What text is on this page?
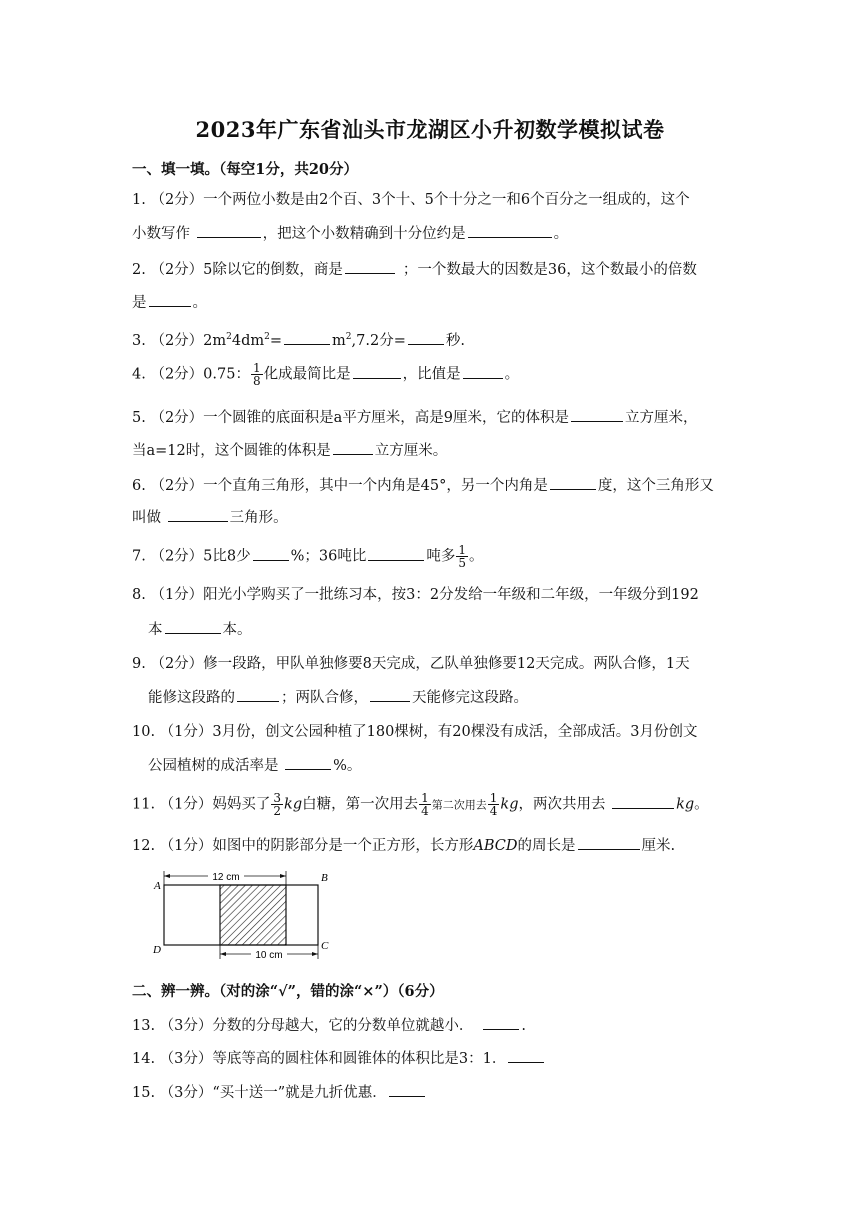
2023年广东省汕头市龙湖区小升初数学模拟试卷
一、填一填。（每空1分，共20分）
1. （2分）一个两位小数是由2个百、3个十、5个十分之一和6个百分之一组成的，这个
小数写作	，把这个小数精确到十分位约是	。
2. （2分）5除以它的倒数，商是	；一个数最大的因数是36，这个数最小的倍数
是	。
3. （2分）$2m^24dm^2=$	$m^2,7.2$分=	秒.
4. （2分）0.75： $\frac{1}{8}$ 化成最简比是	，比值是	。
5. （2分）一个圆锥的底面积是a平方厘米，高是9厘米，它的体积是	立方厘米，
当a=12时，这个圆锥的体积是	立方厘米。
6. （2分）一个直角三角形，其中一个内角是45°，另一个内角是	度，这个三角形又
叫做	三角形。
7. （2分）5比8少	%；36吨比	吨多 $\frac{1}{5}$ 。
8. （1分）阳光小学购买了一批练习本，按3：2分发给一年级和二年级，一年级分到192
本	本。
9. （2分）修一段路，甲队单独修要8天完成，乙队单独修要12天完成。两队合修，1天
能修这段路的	；两队合修，	天能修完这段路。
10. （1分）3月份，创文公园种植了180棵树，有20棵没有成活，全部成活。3月份创文
公园植树的成活率是	%。
11. （1分）妈妈买了 $\frac{3}{2}$ kg白糖，第一次用去 $\frac{1}{4}$ 第二次用去 $\frac{1}{4}$ kg，两次共用去	kg。
12. （1分）如图中的阴影部分是一个正方形，长方形ABCD的周长是	厘米.
12 cm
10 cm
A
B
C
D
二、辨一辨。（对的涂“√”，错的涂“×”）（6分）
13. （3分）分数的分母越大，它的分数单位就越小．	.
14. （3分）等底等高的圆柱体和圆锥体的体积比是3：1．
15. （3分）“买十送一”就是九折优惠．
